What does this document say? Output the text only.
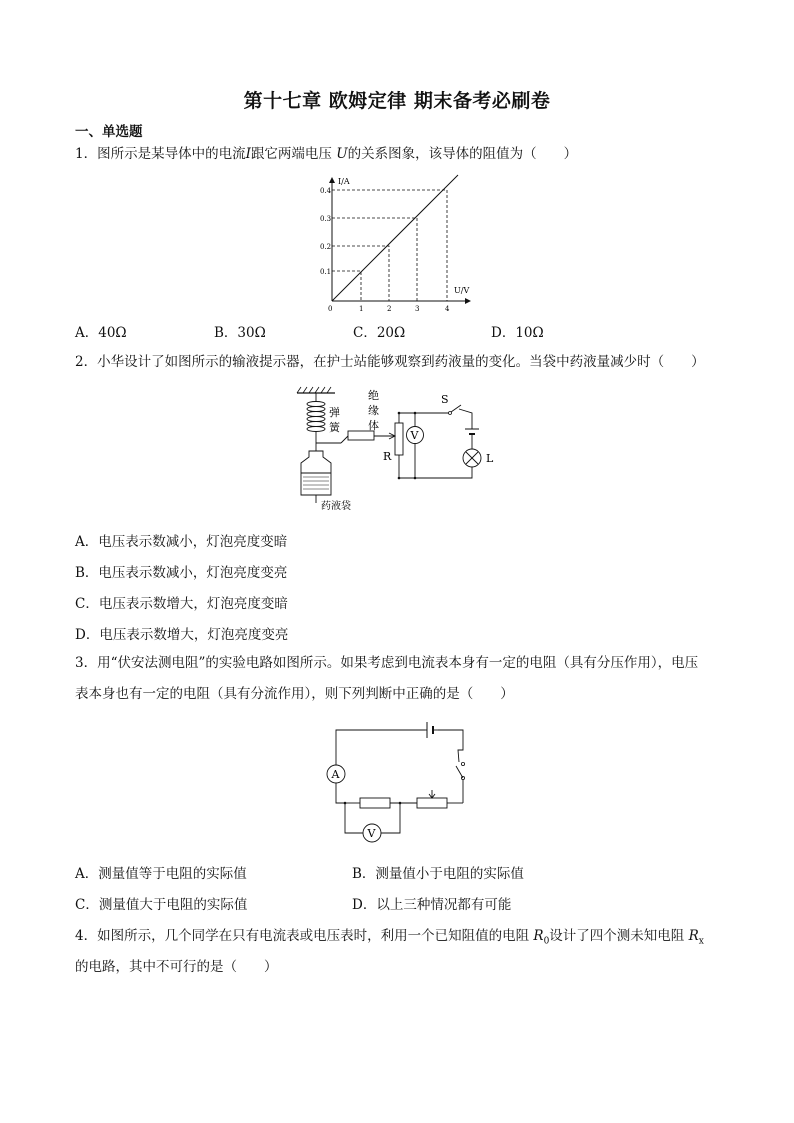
第十七章 欧姆定律 期末备考必刷卷
一、单选题
1．图所示是某导体中的电流I跟它两端电压 U的关系图象，该导体的阻值为（　　）
I/A
U/V
0	1	2	3	4
0.1
0.2
0.3
0.4
A．40Ω	B．30Ω	C．20Ω	D．10Ω
2．小华设计了如图所示的输液提示器，在护士站能够观察到药液量的变化。当袋中药液量减少时（　　）
弹
簧
药液袋
绝
缘
体
R
V
S
L
A．电压表示数减小，灯泡亮度变暗
B．电压表示数减小，灯泡亮度变亮
C．电压表示数增大，灯泡亮度变暗
D．电压表示数增大，灯泡亮度变亮
3．用“伏安法测电阻”的实验电路如图所示。如果考虑到电流表本身有一定的电阻（具有分压作用），电压
表本身也有一定的电阻（具有分流作用），则下列判断中正确的是（　　）
A
V
A．测量值等于电阻的实际值	B．测量值小于电阻的实际值
C．测量值大于电阻的实际值	D．以上三种情况都有可能
4．如图所示，几个同学在只有电流表或电压表时，利用一个已知阻值的电阻 $R_0$设计了四个测未知电阻 $R_x$
的电路，其中不可行的是（　　）
